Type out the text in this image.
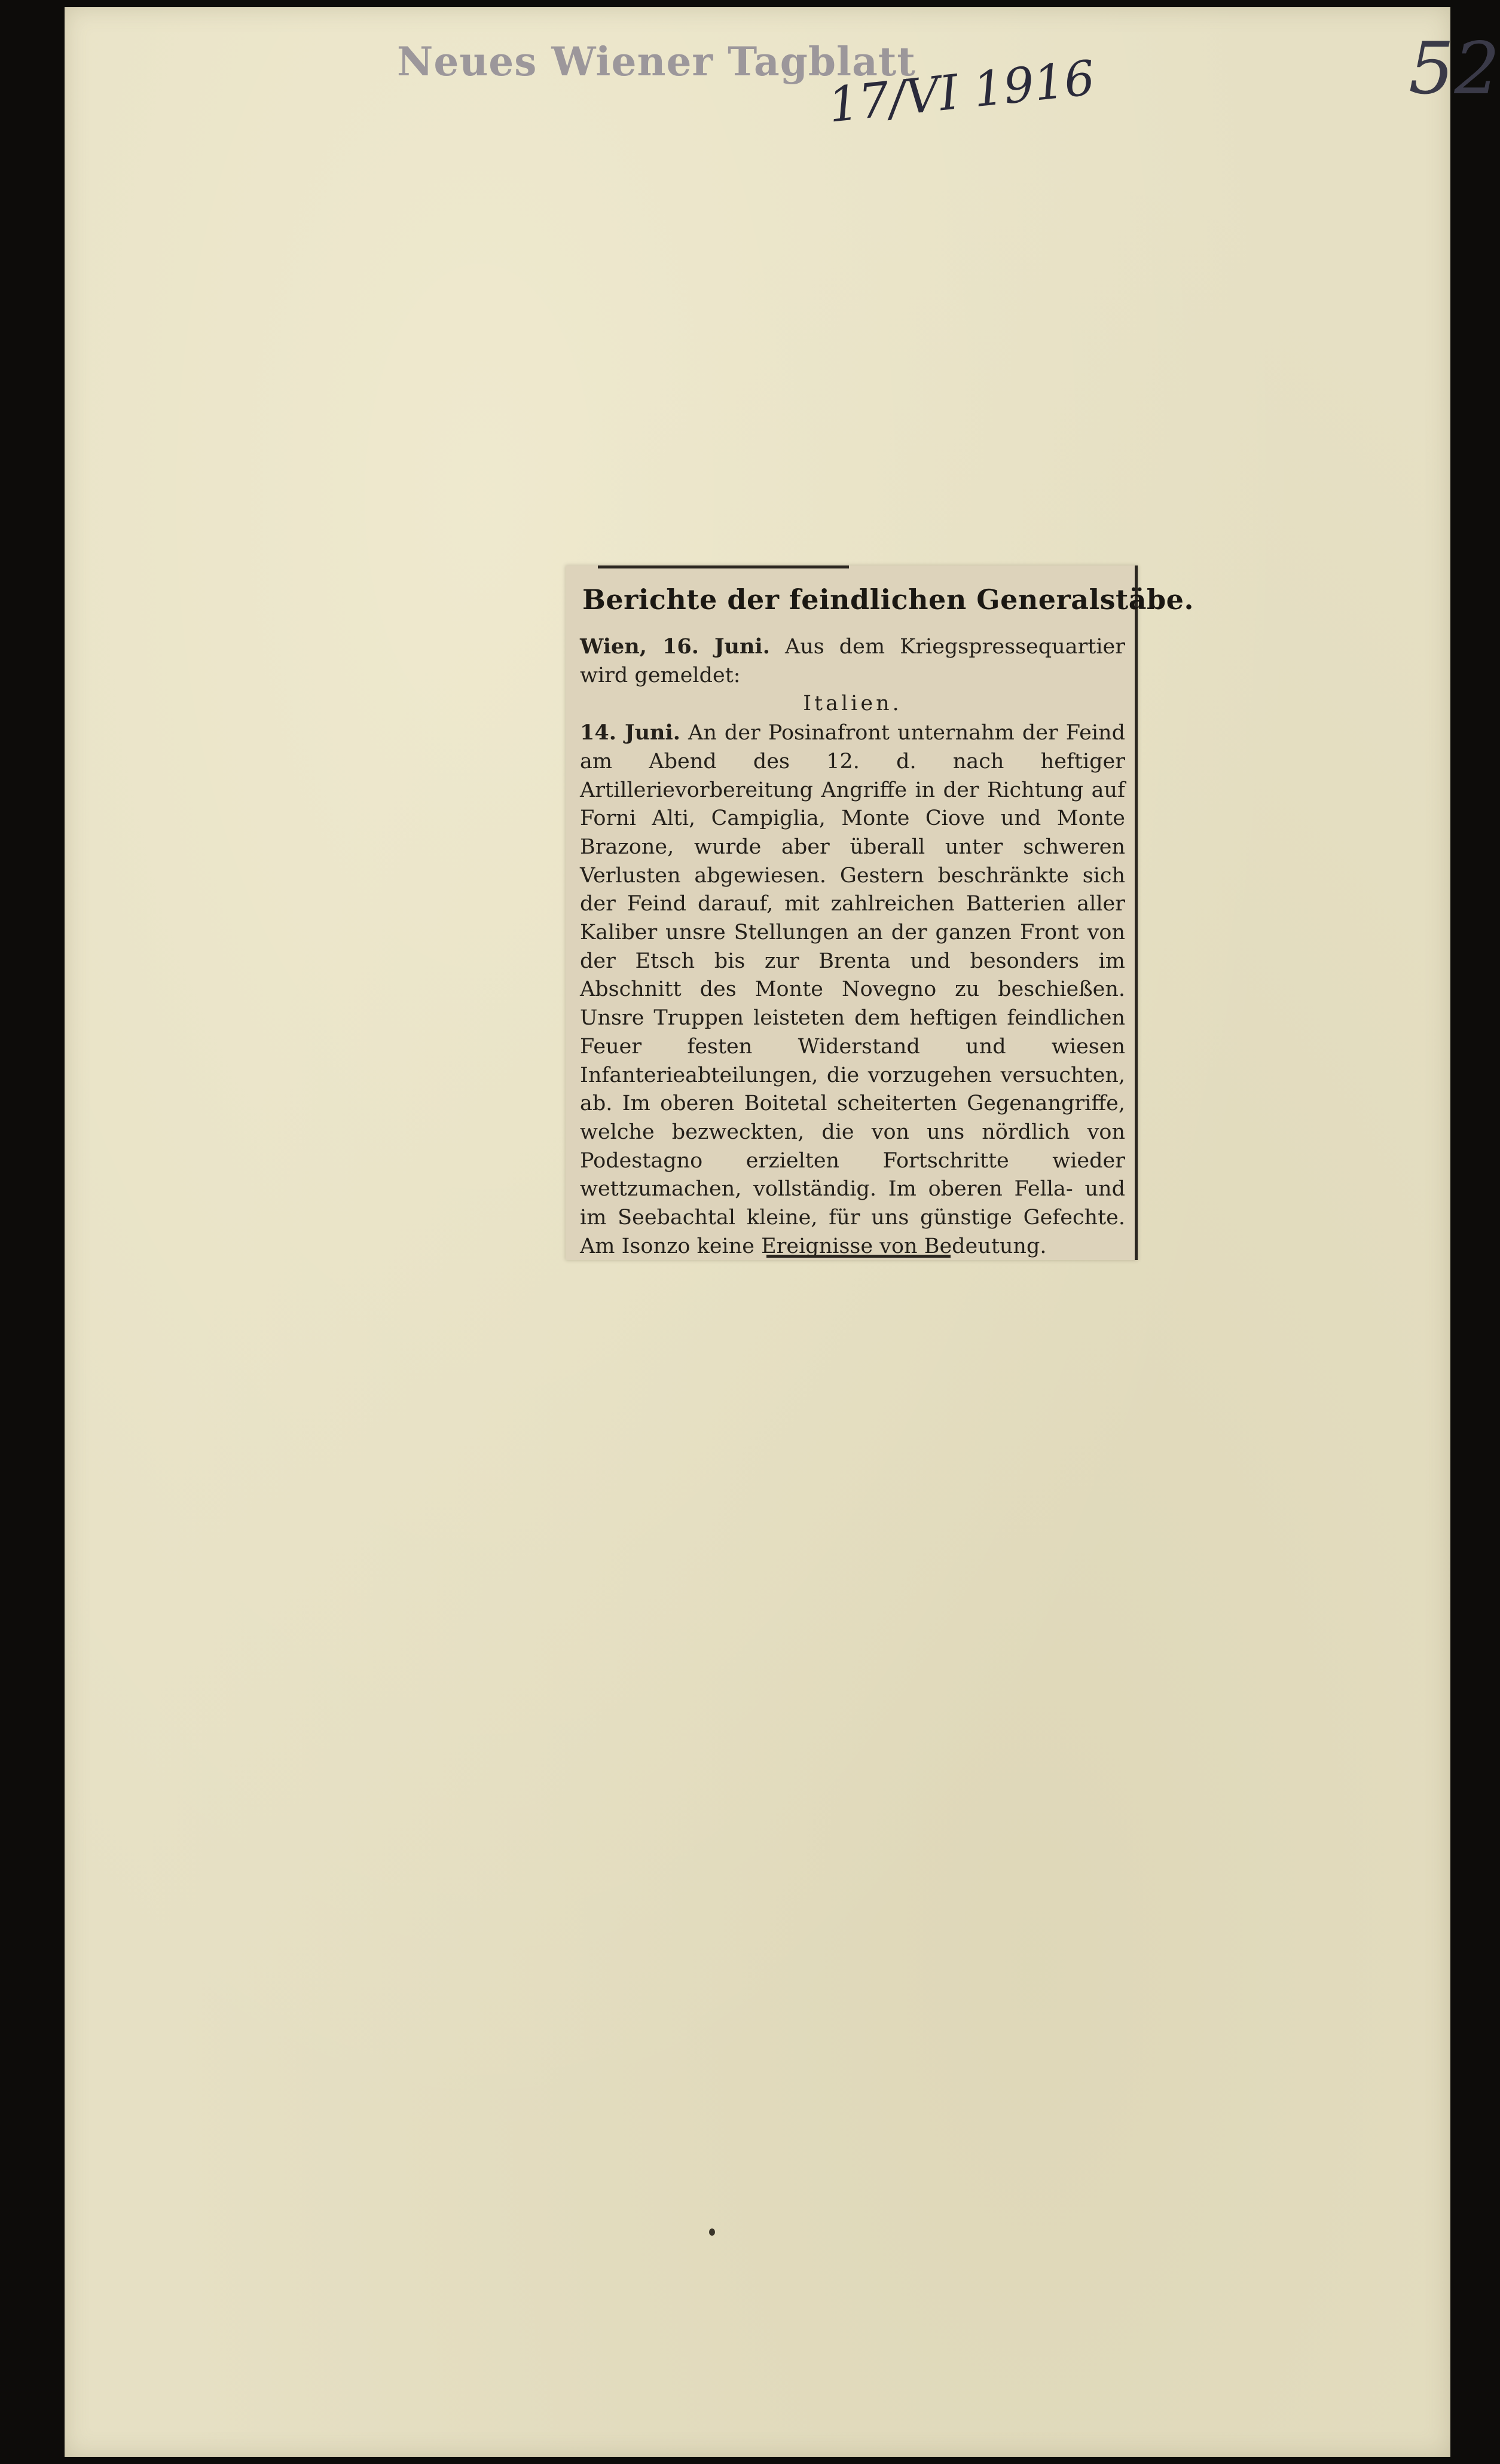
Neues Wiener Tagblatt
17/VI 1916	52
Berichte der feindlichen Generalstäbe.

Wien, 16. Juni. Aus dem Kriegspressequartier wird gemeldet:

Italien.

14. Juni. An der Posinafront unternahm der Feind am Abend des 12. d. nach heftiger Artillerievorbereitung Angriffe in der Richtung auf Forni Alti, Campiglia, Monte Ciove und Monte Brazone, wurde aber überall unter schweren Verlusten abgewiesen. Gestern beschränkte sich der Feind darauf, mit zahlreichen Batterien aller Kaliber unsre Stellungen an der ganzen Front von der Etsch bis zur Brenta und besonders im Abschnitt des Monte Novegno zu beschießen. Unsre Truppen leisteten dem heftigen feindlichen Feuer festen Widerstand und wiesen Infanterieabteilungen, die vorzugehen versuchten, ab. Im oberen Boitetal scheiterten Gegenangriffe, welche bezweckten, die von uns nördlich von Podestagno erzielten Fortschritte wieder wettzumachen, vollständig. Im oberen Fella- und im Seebachtal kleine, für uns günstige Gefechte. Am Isonzo keine Ereignisse von Bedeutung.
